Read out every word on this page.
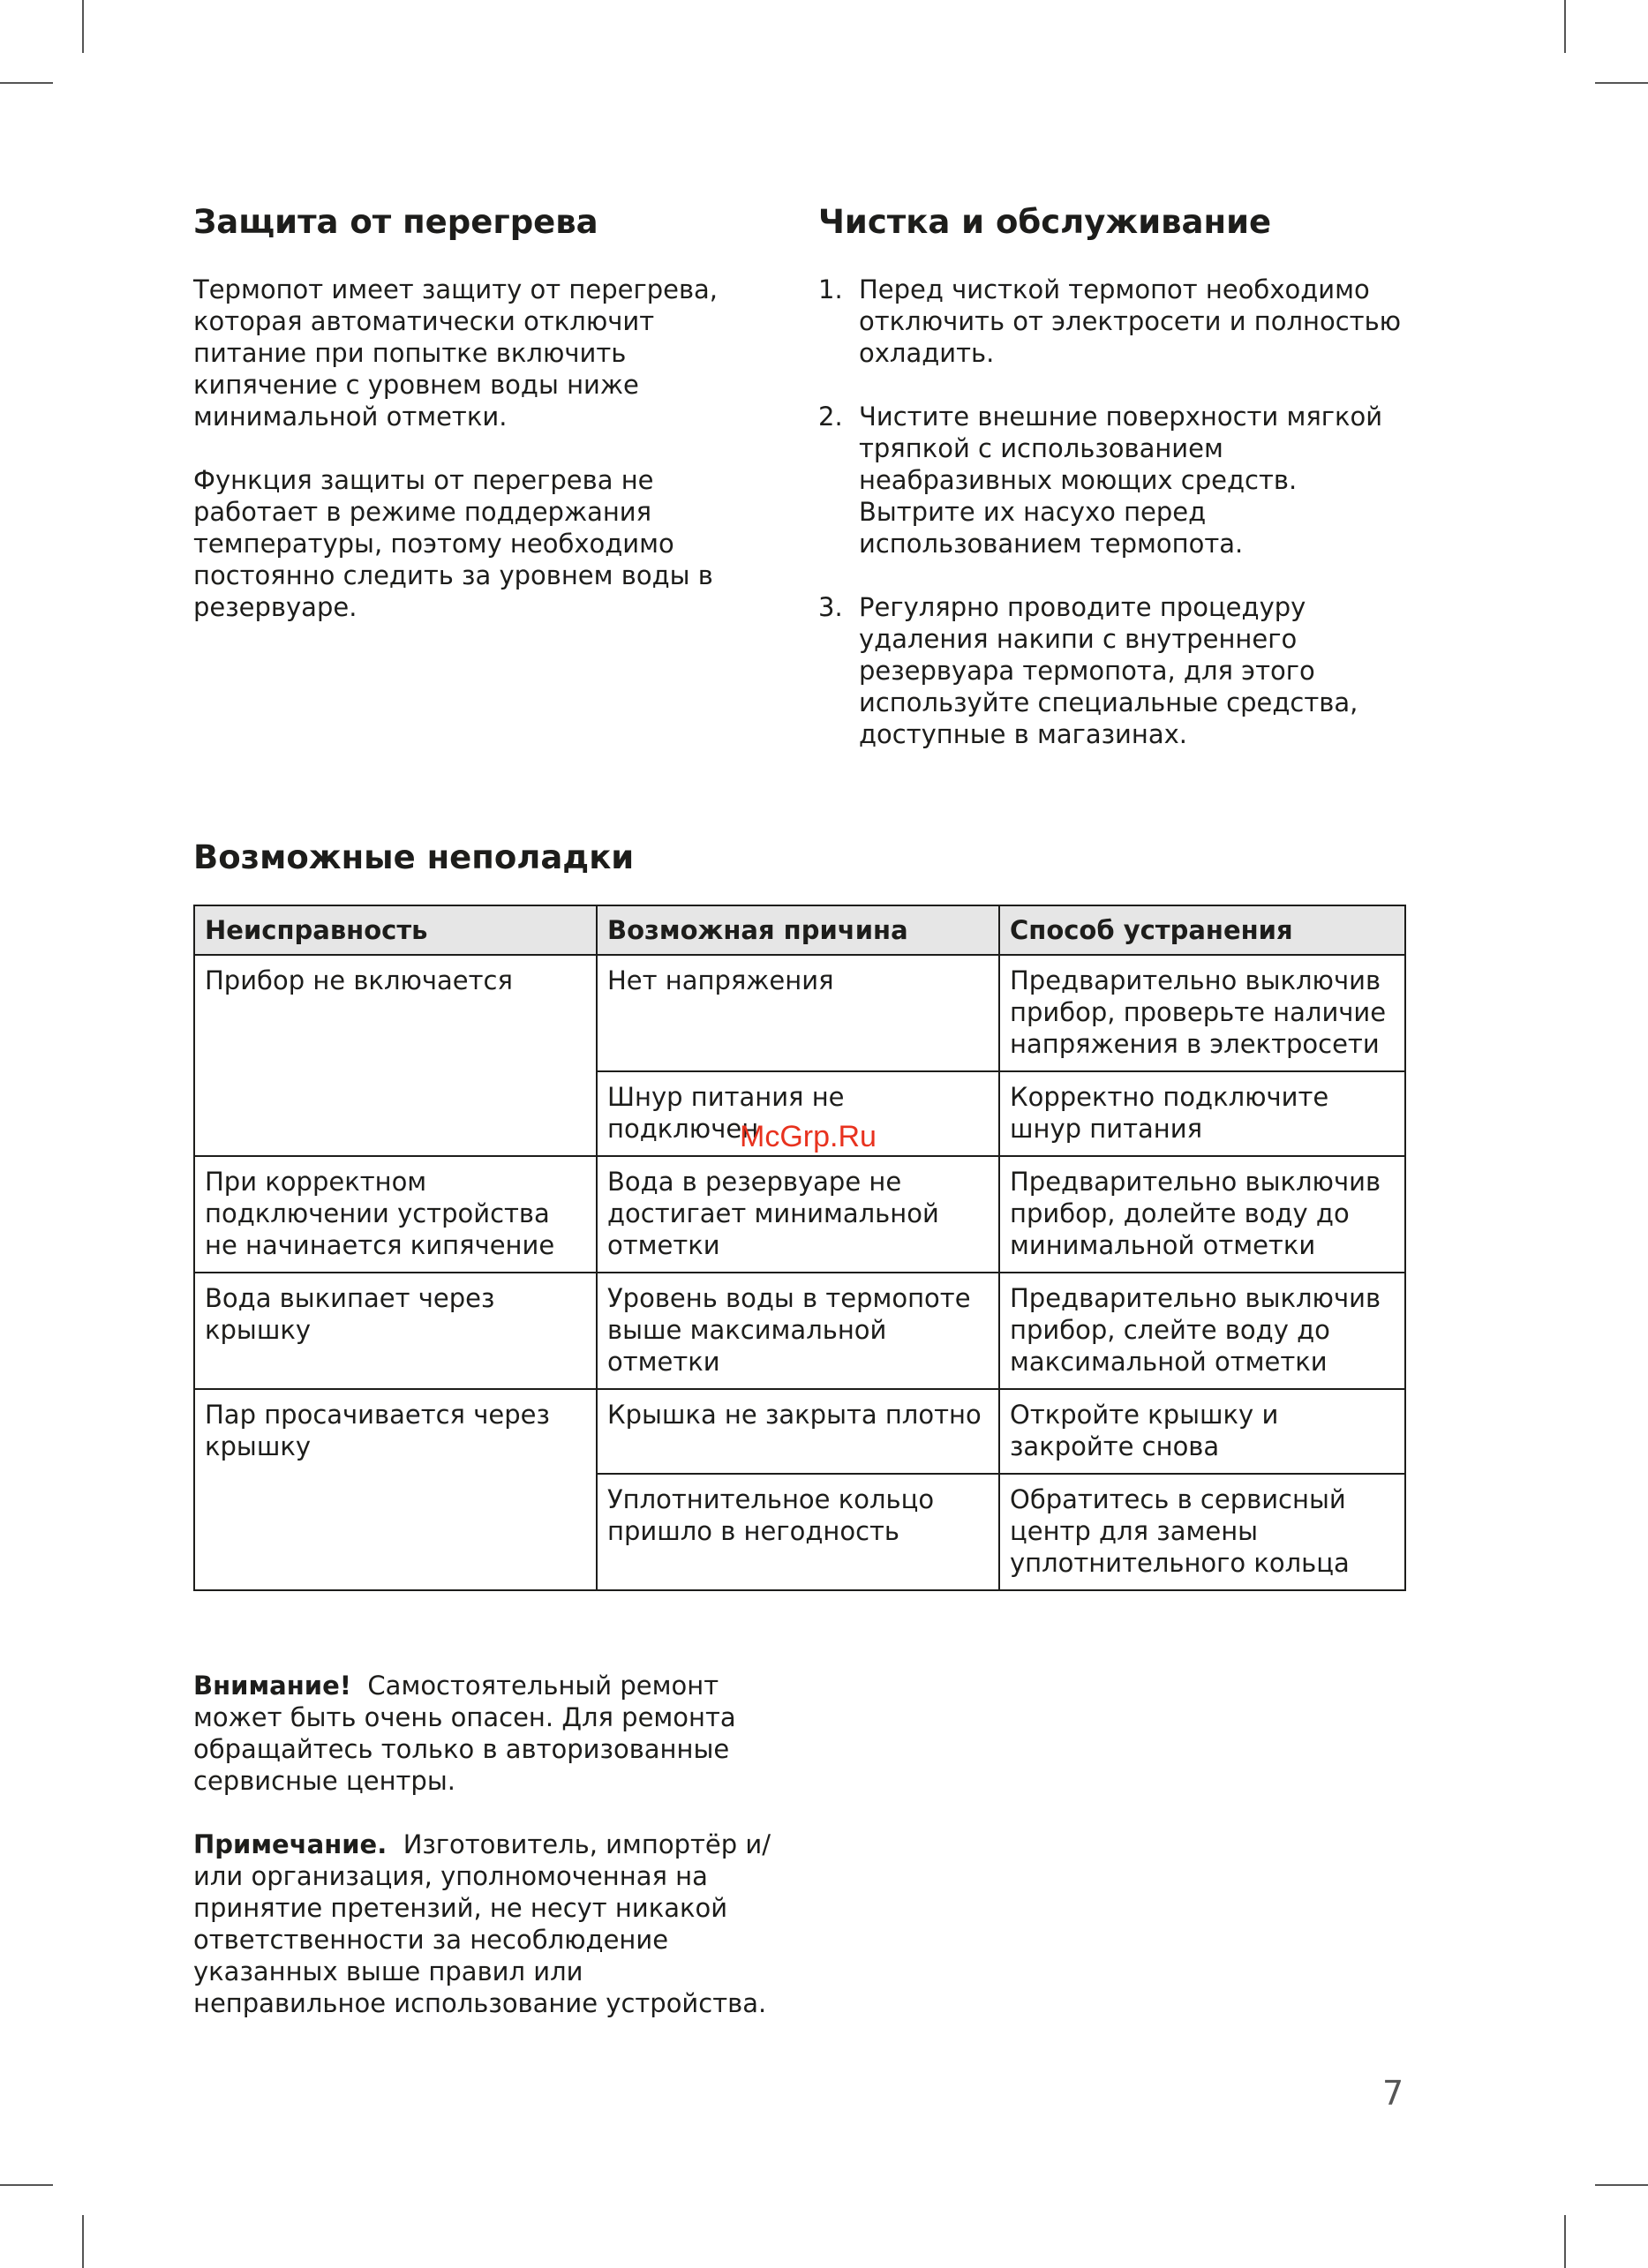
Защита от перегрева

Термопот имеет защиту от перегрева, которая автоматически отключит питание при попытке включить кипячение с уровнем воды ниже минимальной отметки.

Функция защиты от перегрева не работает в режиме поддержания температуры, поэтому необходимо постоянно следить за уровнем воды в резервуаре.

Чистка и обслуживание
1. Перед чисткой термопот необходимо отключить от электросети и полностью охладить.
2. Чистите внешние поверхности мягкой тряпкой с использованием неабразивных моющих средств. Вытрите их насухо перед использованием термопота.
3. Регулярно проводите процедуру удаления накипи с внутреннего резервуара термопота, для этого используйте специальные средства, доступные в магазинах.
Возможные неполадки
Неисправность	Возможная причина	Способ устранения
Прибор не включается	Нет напряжения	Предварительно выключив прибор, проверьте наличие напряжения в электросети
	Шнур питания не подключен	Корректно подключите шнур питания
При корректном подключении устройства не начинается кипячение	Вода в резервуаре не достигает минимальной отметки	Предварительно выключив прибор, долейте воду до минимальной отметки
Вода выкипает через крышку	Уровень воды в термопоте выше максимальной отметки	Предварительно выключив прибор, слейте воду до максимальной отметки
Пар просачивается через крышку	Крышка не закрыта плотно	Откройте крышку и закройте снова
	Уплотнительное кольцо пришло в негодность	Обратитесь в сервисный центр для замены уплотнительного кольца
McGrp.Ru

Внимание! Самостоятельный ремонт может быть очень опасен. Для ремонта обращайтесь только в авторизованные сервисные центры.

Примечание. Изготовитель, импортёр и/или организация, уполномоченная на принятие претензий, не несут никакой ответственности за несоблюдение указанных выше правил или неправильное использование устройства.

7
